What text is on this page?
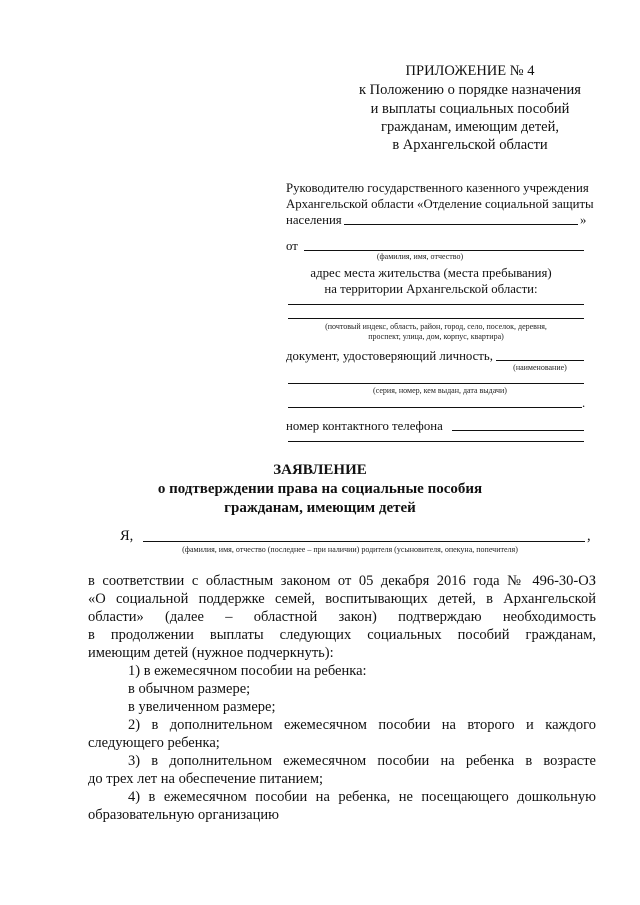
ПРИЛОЖЕНИЕ № 4
к Положению о порядке назначения
и выплаты социальных пособий
гражданам, имеющим детей,
в Архангельской области
Руководителю государственного казенного учреждения
Архангельской области «Отделение социальной защиты
населения	»
от
(фамилия, имя, отчество)
адрес места жительства (места пребывания)
на территории Архангельской области:
(почтовый индекс, область, район, город, село, поселок, деревня,
проспект, улица, дом, корпус, квартира)
документ, удостоверяющий личность,
(наименование)
(серия, номер, кем выдан, дата выдачи)
.
номер контактного телефона
ЗАЯВЛЕНИЕ
о подтверждении права на социальные пособия
гражданам, имеющим детей
Я,	,
(фамилия, имя, отчество (последнее – при наличии) родителя (усыновителя, опекуна, попечителя)
в соответствии с областным законом от 05 декабря 2016 года № 496-30-ОЗ
«О социальной поддержке семей, воспитывающих детей, в Архангельской
области» (далее – областной закон) подтверждаю необходимость
в продолжении выплаты следующих социальных пособий гражданам,
имеющим детей (нужное подчеркнуть):
1) в ежемесячном пособии на ребенка:
в обычном размере;
в увеличенном размере;
2) в дополнительном ежемесячном пособии на второго и каждого
следующего ребенка;
3) в дополнительном ежемесячном пособии на ребенка в возрасте
до трех лет на обеспечение питанием;
4) в ежемесячном пособии на ребенка, не посещающего дошкольную
образовательную организацию
